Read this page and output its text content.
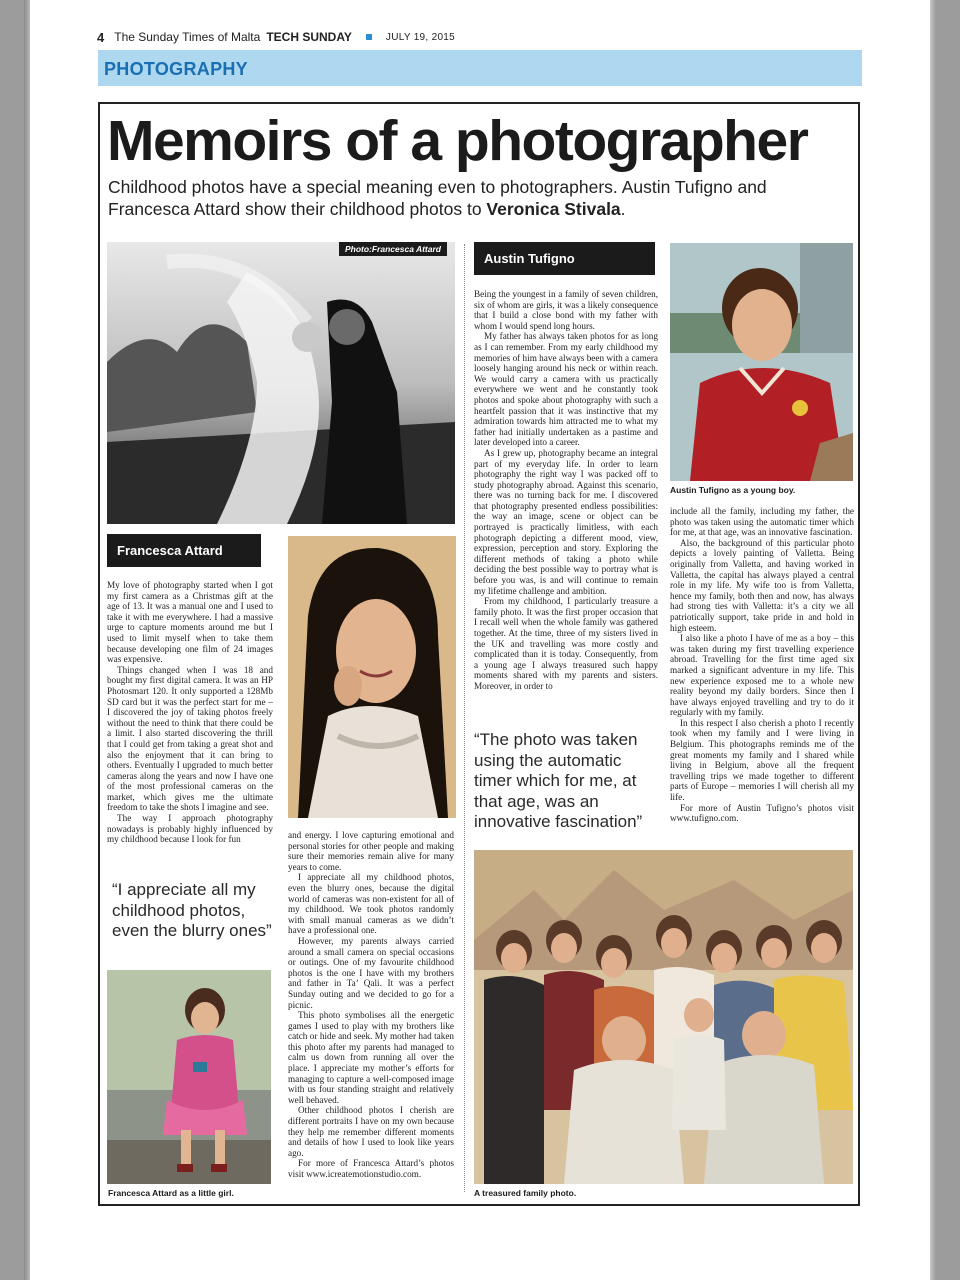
4 The Sunday Times of Malta TECH SUNDAY	JULY 19, 2015
PHOTOGRAPHY
Memoirs of a photographer
Childhood photos have a special meaning even to photographers. Austin Tufigno and Francesca Attard show their childhood photos to Veronica Stivala.
Photo:Francesca Attard
Francesca Attard

My love of photography started when I got my first camera as a Christmas gift at the age of 13. It was a manual one and I used to take it with me everywhere. I had a massive urge to capture moments around me but I used to limit myself when to take them because developing one film of 24 images was expensive.

Things changed when I was 18 and bought my first digital camera. It was an HP Photosmart 120. It only supported a 128Mb SD card but it was the perfect start for me – I discovered the joy of taking photos freely without the need to think that there could be a limit. I also started discovering the thrill that I could get from taking a great shot and also the enjoyment that it can bring to others. Eventually I upgraded to much better cameras along the years and now I have one of the most professional cameras on the market, which gives me the ultimate freedom to take the shots I imagine and see.

The way I approach photography nowadays is probably highly influenced by my childhood because I look for fun

“I appreciate all my childhood photos, even the blurry ones”
Francesca Attard as a little girl.

and energy. I love capturing emotional and personal stories for other people and making sure their memories remain alive for many years to come.

I appreciate all my childhood photos, even the blurry ones, because the digital world of cameras was non-existent for all of my childhood. We took photos randomly with small manual cameras as we didn’t have a professional one.

However, my parents always carried around a small camera on special occasions or outings. One of my favourite childhood photos is the one I have with my brothers and father in Ta’ Qali. It was a perfect Sunday outing and we decided to go for a picnic.

This photo symbolises all the energetic games I used to play with my brothers like catch or hide and seek. My mother had taken this photo after my parents had managed to calm us down from running all over the place. I appreciate my mother’s efforts for managing to capture a well-composed image with us four standing straight and relatively well behaved.

Other childhood photos I cherish are different portraits I have on my own because they help me remember different moments and details of how I used to look like years ago.

For more of Francesca Attard’s photos visit www.icreatemotionstudio.com.

Austin Tufigno

Being the youngest in a family of seven children, six of whom are girls, it was a likely consequence that I build a close bond with my father with whom I would spend long hours.

My father has always taken photos for as long as I can remember. From my early childhood my memories of him have always been with a camera loosely hanging around his neck or within reach. We would carry a camera with us practically everywhere we went and he constantly took photos and spoke about photography with such a heartfelt passion that it was instinctive that my admiration towards him attracted me to what my father had initially undertaken as a pastime and later developed into a career.

As I grew up, photography became an integral part of my everyday life. In order to learn photography the right way I was packed off to study photography abroad. Against this scenario, there was no turning back for me. I discovered that photography presented endless possibilities: the way an image, scene or object can be portrayed is practically limitless, with each photograph depicting a different mood, view, expression, perception and story. Exploring the different methods of taking a photo while deciding the best possible way to portray what is before you was, is and will continue to remain my lifetime challenge and ambition.

From my childhood, I particularly treasure a family photo. It was the first proper occasion that I recall well when the whole family was gathered together. At the time, three of my sisters lived in the UK and travelling was more costly and complicated than it is today. Consequently, from a young age I always treasured such happy moments shared with my parents and sisters. Moreover, in order to

“The photo was taken using the automatic timer which for me, at that age, was an innovative fascination”
Austin Tufigno as a young boy.

include all the family, including my father, the photo was taken using the automatic timer which for me, at that age, was an innovative fascination.

Also, the background of this particular photo depicts a lovely painting of Valletta. Being originally from Valletta, and having worked in Valletta, the capital has always played a central role in my life. My wife too is from Valletta, hence my family, both then and now, has always had strong ties with Valletta: it’s a city we all patriotically support, take pride in and hold in high esteem.

I also like a photo I have of me as a boy – this was taken during my first travelling experience abroad. Travelling for the first time aged six marked a significant adventure in my life. This new experience exposed me to a whole new reality beyond my daily borders. Since then I have always enjoyed travelling and try to do it regularly with my family.

In this respect I also cherish a photo I recently took when my family and I were living in Belgium. This photographs reminds me of the great moments my family and I shared while living in Belgium, above all the frequent travelling trips we made together to different parts of Europe – memories I will cherish all my life.

For more of Austin Tufigno’s photos visit www.tufigno.com.

A treasured family photo.
